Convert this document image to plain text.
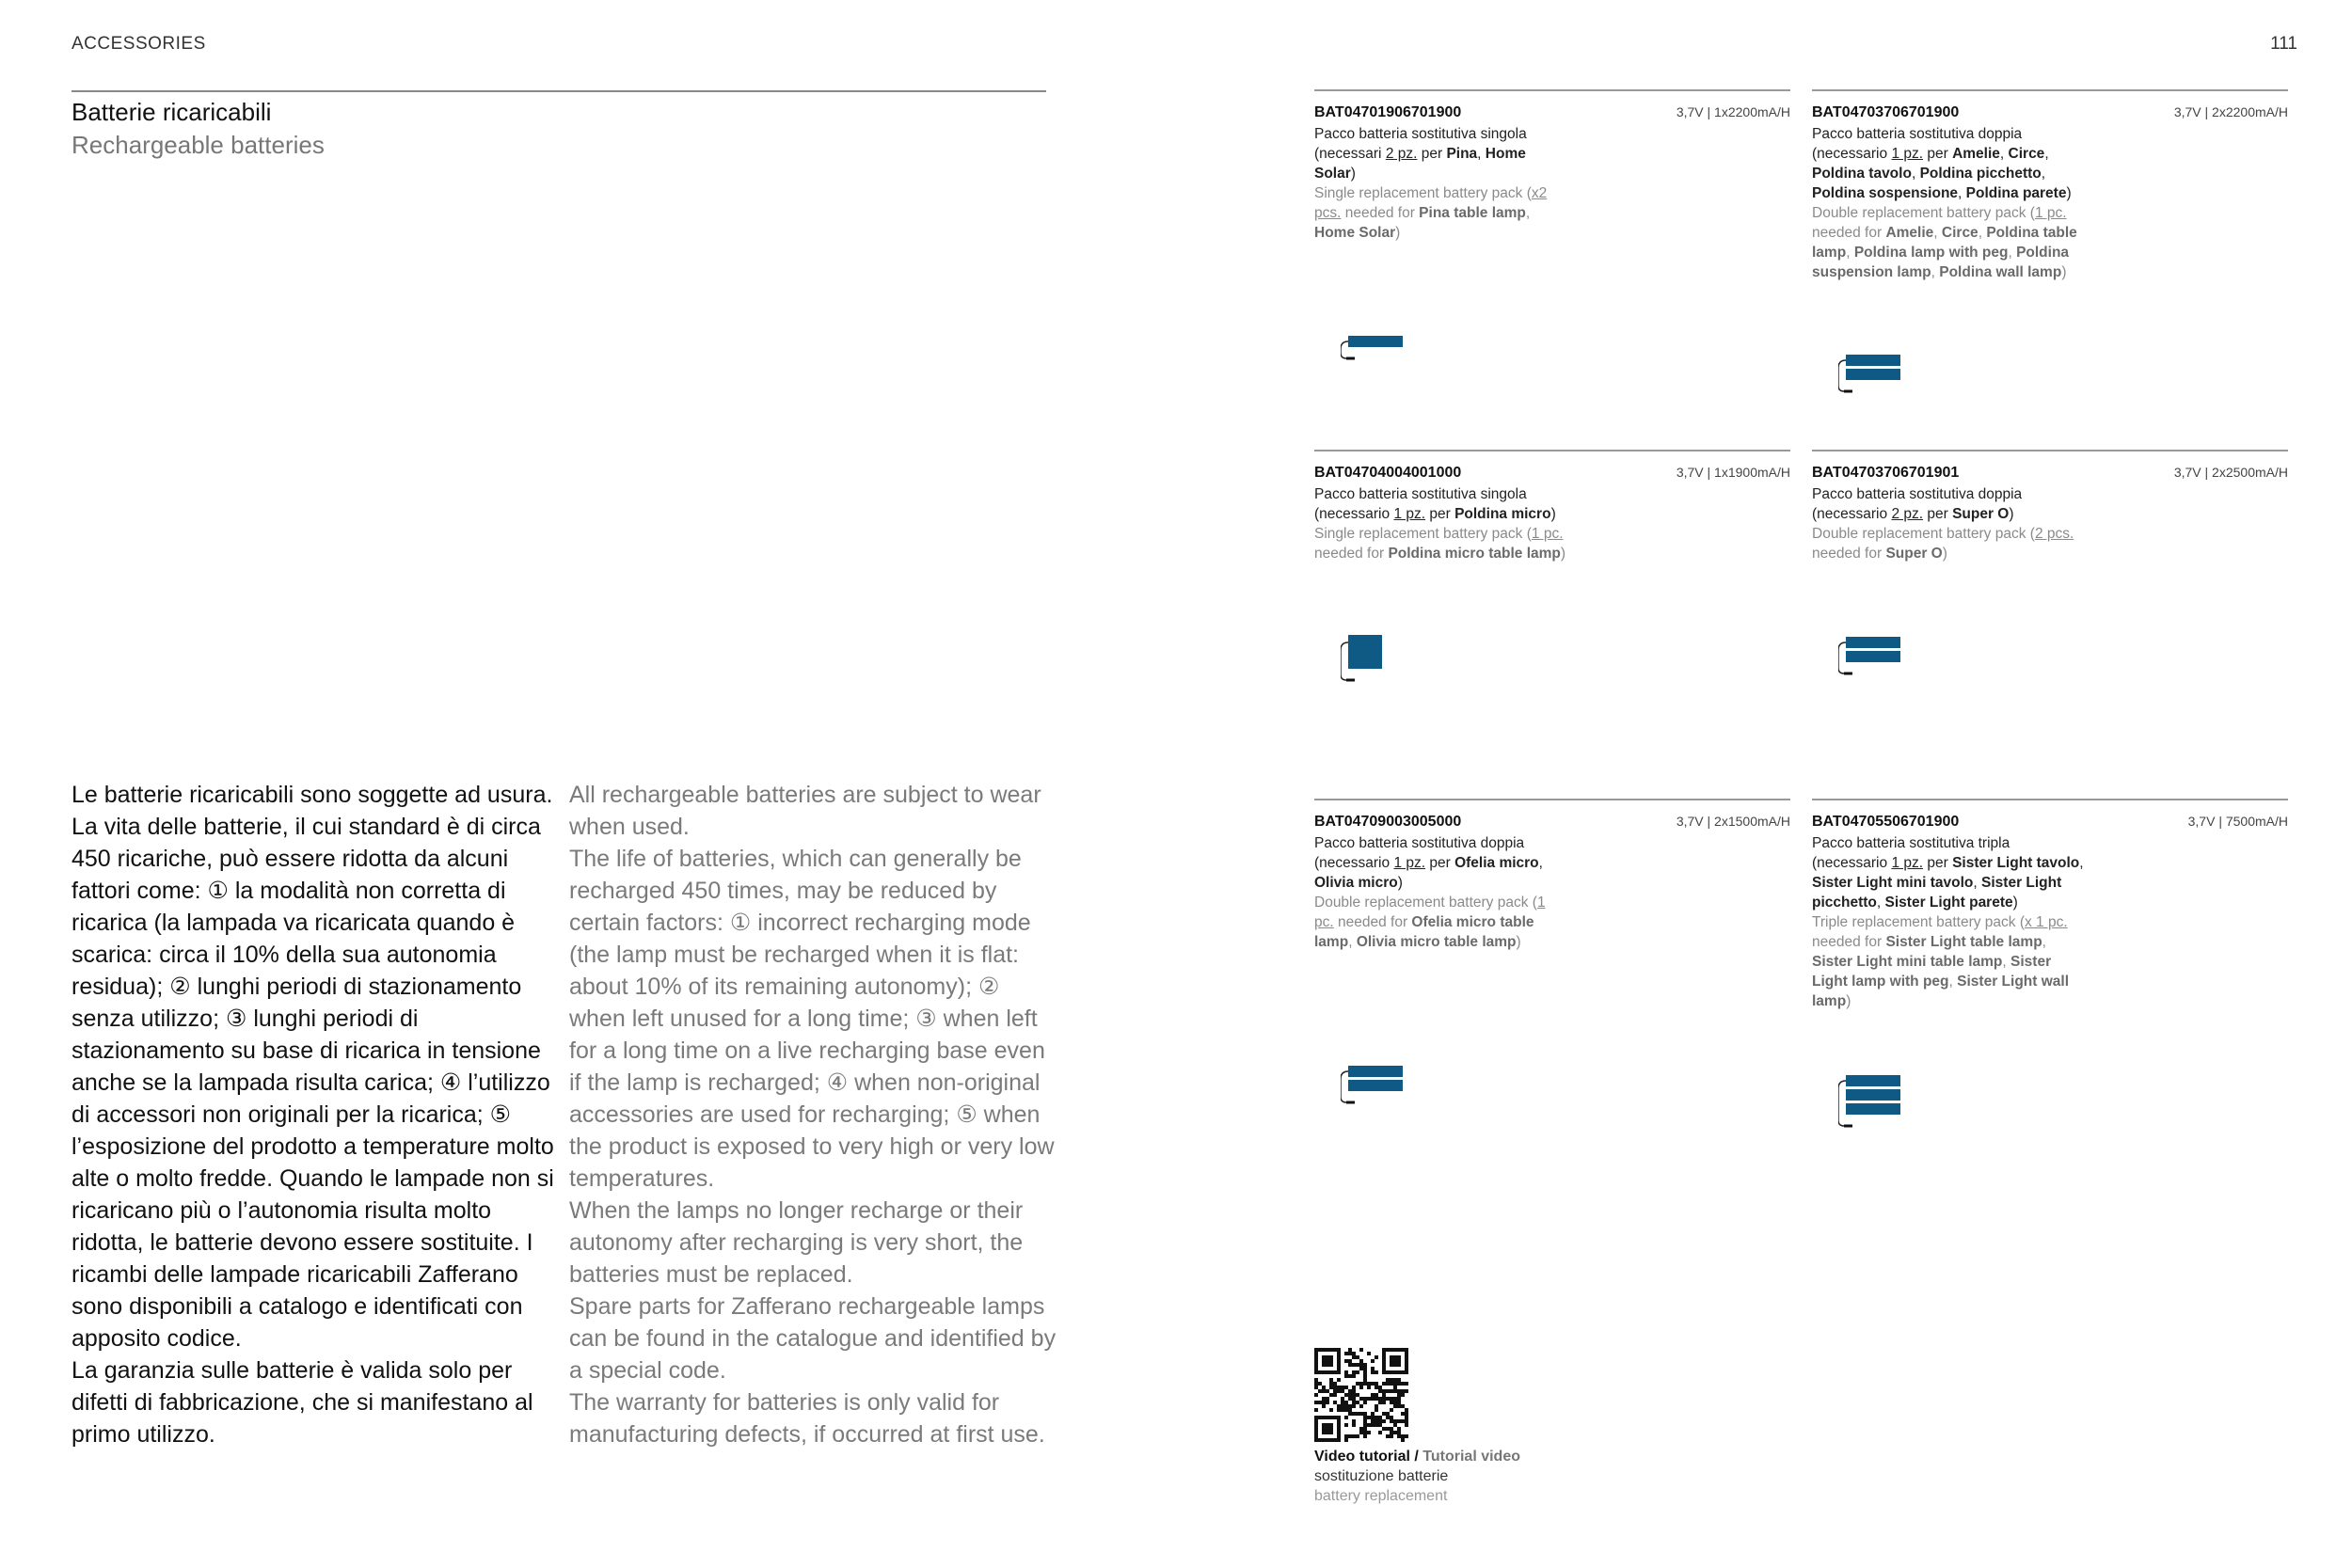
ACCESSORIES	111
Batterie ricaricabili
Rechargeable batteries

Le batterie ricaricabili sono soggette ad usura.

La vita delle batterie, il cui standard è di circa 450 ricariche, può essere ridotta da alcuni fattori come: ① la modalità non corretta di ricarica (la lampada va ricaricata quando è scarica: circa il 10% della sua autonomia residua); ② lunghi periodi di stazionamento senza utilizzo; ③ lunghi periodi di stazionamento su base di ricarica in tensione anche se la lampada risulta carica; ④ l’utilizzo di accessori non originali per la ricarica; ⑤ l’esposizione del prodotto a temperature molto alte o molto fredde. Quando le lampade non si ricaricano più o l’autonomia risulta molto ridotta, le batterie devono essere sostituite. I ricambi delle lampade ricaricabili Zafferano sono disponibili a catalogo e identificati con apposito codice.

La garanzia sulle batterie è valida solo per difetti di fabbricazione, che si manifestano al primo utilizzo.

All rechargeable batteries are subject to wear when used.

The life of batteries, which can generally be recharged 450 times, may be reduced by certain factors: ① incorrect recharging mode (the lamp must be recharged when it is flat: about 10% of its remaining autonomy); ② when left unused for a long time; ③ when left for a long time on a live recharging base even if the lamp is recharged; ④ when non-original accessories are used for recharging; ⑤ when the product is exposed to very high or very low temperatures.

When the lamps no longer recharge or their autonomy after recharging is very short, the batteries must be replaced.

Spare parts for Zafferano rechargeable lamps can be found in the catalogue and identified by a special code.

The warranty for batteries is only valid for manufacturing defects, if occurred at first use.

BAT04701906701900	3,7V | 1x2200mA/H
Pacco batteria sostitutiva singola (necessari 2 pz. per Pina, Home Solar)
Single replacement battery pack (x2 pcs. needed for Pina table lamp, Home Solar)
BAT04703706701900	3,7V | 2x2200mA/H
Pacco batteria sostitutiva doppia (necessario 1 pz. per Amelie, Circe, Poldina tavolo, Poldina picchetto, Poldina sospensione, Poldina parete)
Double replacement battery pack (1 pc. needed for Amelie, Circe, Poldina table lamp, Poldina lamp with peg, Poldina suspension lamp, Poldina wall lamp)
BAT04704004001000	3,7V | 1x1900mA/H
Pacco batteria sostitutiva singola (necessario 1 pz. per Poldina micro)
Single replacement battery pack (1 pc. needed for Poldina micro table lamp)
BAT04703706701901	3,7V | 2x2500mA/H
Pacco batteria sostitutiva doppia (necessario 2 pz. per Super O)
Double replacement battery pack (2 pcs. needed for Super O)
BAT04709003005000	3,7V | 2x1500mA/H
Pacco batteria sostitutiva doppia (necessario 1 pz. per Ofelia micro, Olivia micro)
Double replacement battery pack (1 pc. needed for Ofelia micro table lamp, Olivia micro table lamp)
BAT04705506701900	3,7V | 7500mA/H
Pacco batteria sostitutiva tripla (necessario 1 pz. per Sister Light tavolo, Sister Light mini tavolo, Sister Light picchetto, Sister Light parete)
Triple replacement battery pack (x 1 pc. needed for Sister Light table lamp, Sister Light mini table lamp, Sister Light lamp with peg, Sister Light wall lamp)
Video tutorial / Tutorial video
sostituzione batterie
battery replacement
